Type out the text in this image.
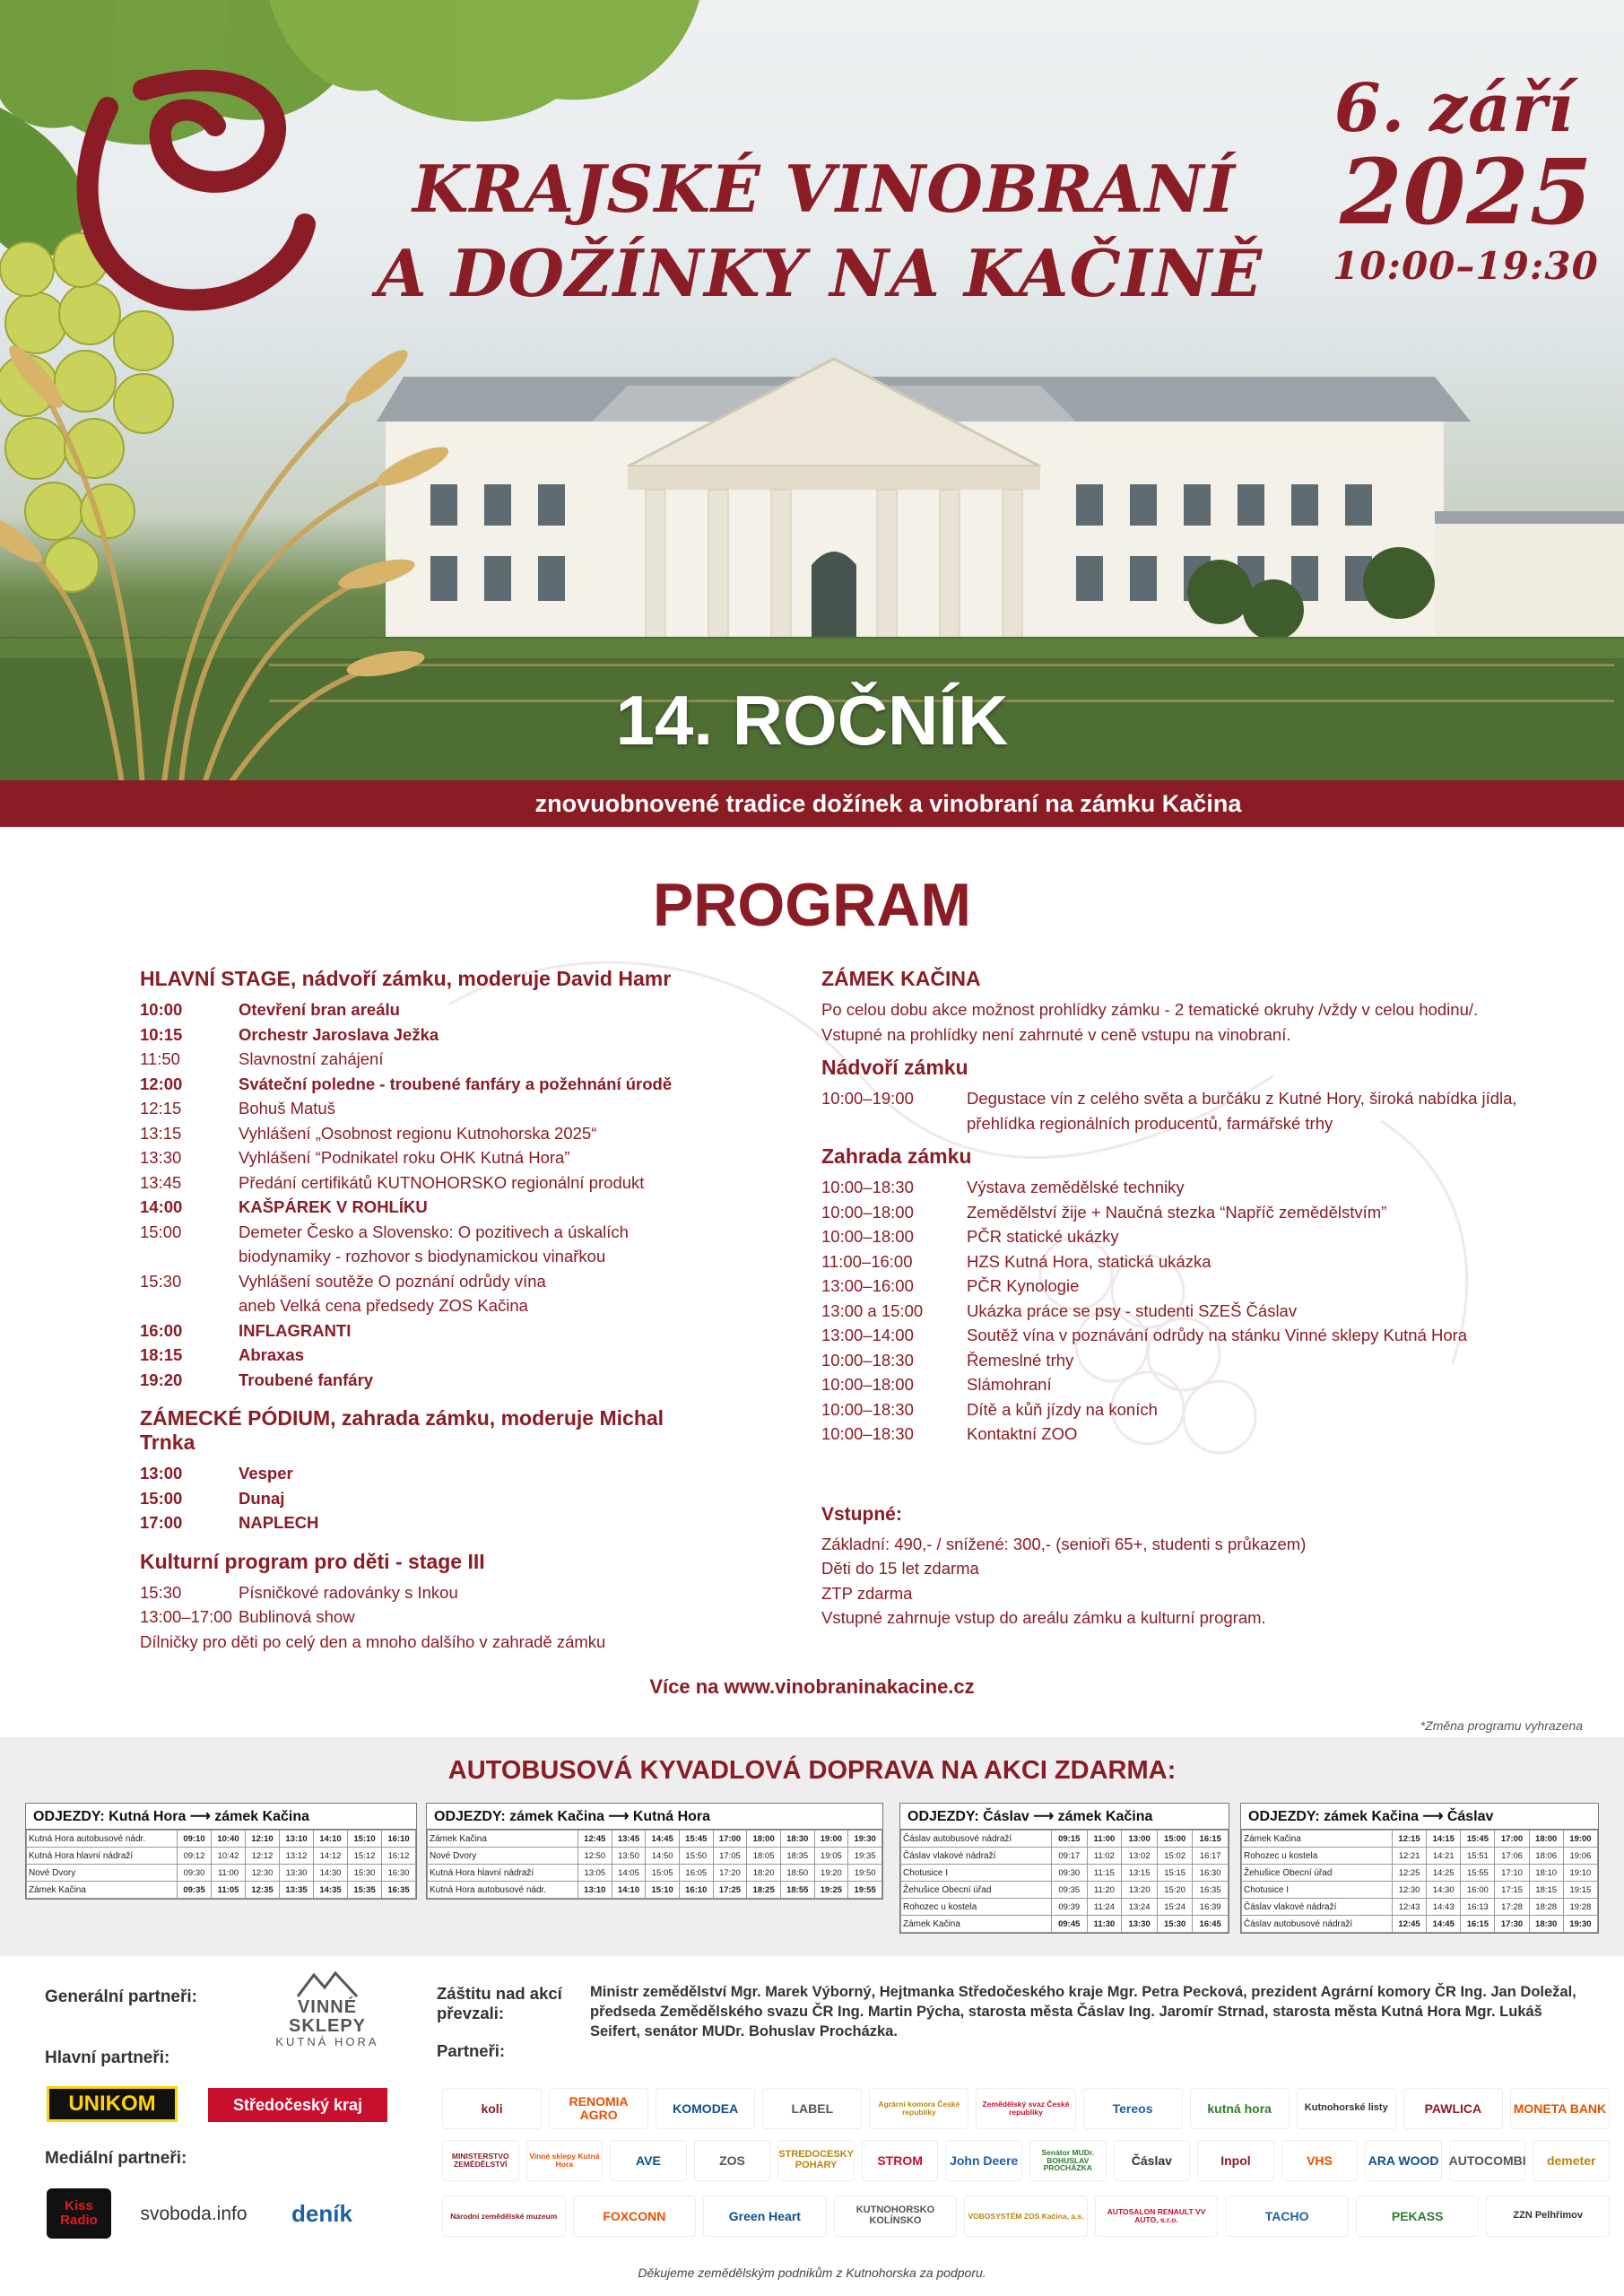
KRAJSKÉ VINOBRANÍ
A DOŽÍNKY NA KAČINĚ
6. září
2025
10:00–19:30
14. ROČNÍK
znovuobnovené tradice dožínek a vinobraní na zámku Kačina
PROGRAM
HLAVNÍ STAGE, nádvoří zámku, moderuje David Hamr
10:00	Otevření bran areálu
10:15	Orchestr Jaroslava Ježka
11:50	Slavnostní zahájení
12:00	Sváteční poledne - troubené fanfáry a požehnání úrodě
12:15	Bohuš Matuš
13:15	Vyhlášení „Osobnost regionu Kutnohorska 2025“
13:30	Vyhlášení “Podnikatel roku OHK Kutná Hora”
13:45	Předání certifikátů KUTNOHORSKO regionální produkt
14:00	KAŠPÁREK V ROHLÍKU
15:00	Demeter Česko a Slovensko: O pozitivech a úskalích
biodynamiky - rozhovor s biodynamickou vinařkou
15:30	Vyhlášení soutěže O poznání odrůdy vína
aneb Velká cena předsedy ZOS Kačina
16:00	INFLAGRANTI
18:15	Abraxas
19:20	Troubené fanfáry
ZÁMECKÉ PÓDIUM, zahrada zámku, moderuje Michal Trnka
13:00	Vesper
15:00	Dunaj
17:00	NAPLECH
Kulturní program pro děti - stage III
15:30	Písničkové radovánky s Inkou
13:00–17:00 Bublinová show
Dílničky pro děti po celý den a mnoho dalšího v zahradě zámku
ZÁMEK KAČINA
Po celou dobu akce možnost prohlídky zámku - 2 tematické okruhy /vždy v celou hodinu/.
Vstupné na prohlídky není zahrnuté v ceně vstupu na vinobraní.
Nádvoří zámku
10:00–19:00	Degustace vín z celého světa a burčáku z Kutné Hory, široká nabídka jídla,
přehlídka regionálních producentů, farmářské trhy
Zahrada zámku
10:00–18:30	Výstava zemědělské techniky
10:00–18:00	Zemědělství žije + Naučná stezka “Napříč zemědělstvím”
10:00–18:00	PČR statické ukázky
11:00–16:00	HZS Kutná Hora, statická ukázka
13:00–16:00	PČR Kynologie
13:00 a 15:00	Ukázka práce se psy - studenti SZEŠ Čáslav
13:00–14:00	Soutěž vína v poznávání odrůdy na stánku Vinné sklepy Kutná Hora
10:00–18:30	Řemeslné trhy
10:00–18:00	Slámohraní
10:00–18:30	Dítě a kůň jízdy na koních
10:00–18:30	Kontaktní ZOO
Vstupné:
Základní: 490,- / snížené: 300,- (senioři 65+, studenti s průkazem)
Děti do 15 let zdarma
ZTP zdarma
Vstupné zahrnuje vstup do areálu zámku a kulturní program.
Více na www.vinobraninakacine.cz
*Změna programu vyhrazena
AUTOBUSOVÁ KYVADLOVÁ DOPRAVA NA AKCI ZDARMA:
ODJEZDY: Kutná Hora ⟶ zámek Kačina
Kutná Hora autobusové nádr.	09:10	10:40	12:10	13:10	14:10	15:10	16:10
Kutná Hora hlavní nádraží	09:12	10:42	12:12	13:12	14:12	15:12	16:12
Nové Dvory	09:30	11:00	12:30	13:30	14:30	15:30	16:30
Zámek Kačina	09:35	11:05	12:35	13:35	14:35	15:35	16:35
ODJEZDY: zámek Kačina ⟶ Kutná Hora
Zámek Kačina	12:45	13:45	14:45	15:45	17:00	18:00	18:30	19:00	19:30
Nové Dvory	12:50	13:50	14:50	15:50	17:05	18:05	18:35	19:05	19:35
Kutná Hora hlavní nádraží	13:05	14:05	15:05	16:05	17:20	18:20	18:50	19:20	19:50
Kutná Hora autobusové nádr.	13:10	14:10	15:10	16:10	17:25	18:25	18:55	19:25	19:55
ODJEZDY: Čáslav ⟶ zámek Kačina
Čáslav autobusové nádraží	09:15	11:00	13:00	15:00	16:15
Čáslav vlakové nádraží	09:17	11:02	13:02	15:02	16:17
Chotusice I	09:30	11:15	13:15	15:15	16:30
Žehušice Obecní úřad	09:35	11:20	13:20	15:20	16:35
Rohozec u kostela	09:39	11:24	13:24	15:24	16:39
Zámek Kačina	09:45	11:30	13:30	15:30	16:45
ODJEZDY: zámek Kačina ⟶ Čáslav
Zámek Kačina	12:15	14:15	15:45	17:00	18:00	19:00
Rohozec u kostela	12:21	14:21	15:51	17:06	18:06	19:06
Žehušice Obecní úřad	12:25	14:25	15:55	17:10	18:10	19:10
Chotusice I	12:30	14:30	16:00	17:15	18:15	19:15
Čáslav vlakové nádraží	12:43	14:43	16:13	17:28	18:28	19:28
Čáslav autobusové nádraží	12:45	14:45	16:15	17:30	18:30	19:30
Generální partneři:
VINNÉ SKLEPY
KUTNÁ HORA
Hlavní partneři:
UNIKOM	Středočeský kraj
Mediální partneři:
Kiss Radio	svoboda.info	deník
Záštitu nad akcí převzali:
Ministr zemědělství Mgr. Marek Výborný, Hejtmanka Středočeského kraje Mgr. Petra Pecková, prezident Agrární komory ČR Ing. Jan Doležal, předseda Zemědělského svazu ČR Ing. Martin Pýcha, starosta města Čáslav Ing. Jaromír Strnad, starosta města Kutná Hora Mgr. Lukáš Seifert, senátor MUDr. Bohuslav Procházka.
Partneři:
koli	RENOMIA AGRO	KOMODEA	LABEL	Agrární komora České republiky
Zemědělský svaz České republiky	Tereos	kutná hora	Kutnohorské listy	PAWLICA	MONETA BANK
MINISTERSTVO ZEMĚDĚLSTVÍ
Vinné sklepy Kutná Hora	AVE	ZOS	STREDOCESKY POHARY	STROM	John Deere
Senátor MUDr. BOHUSLAV PROCHÁZKA
Čáslav	Inpol	VHS	ARA WOOD AUTOCOMBI	demeter
Národní zemědělské muzeum	FOXCONN	Green Heart	KUTNOHORSKO KOLÍNSKO	VOBOSYSTÉM ZOS Kačina, a.s.	AUTOSALON RENAULT VV AUTO, s.r.o.	TACHO	PEKASS	ZZN Pelhřimov
Děkujeme zemědělským podnikům z Kutnohorska za podporu.
